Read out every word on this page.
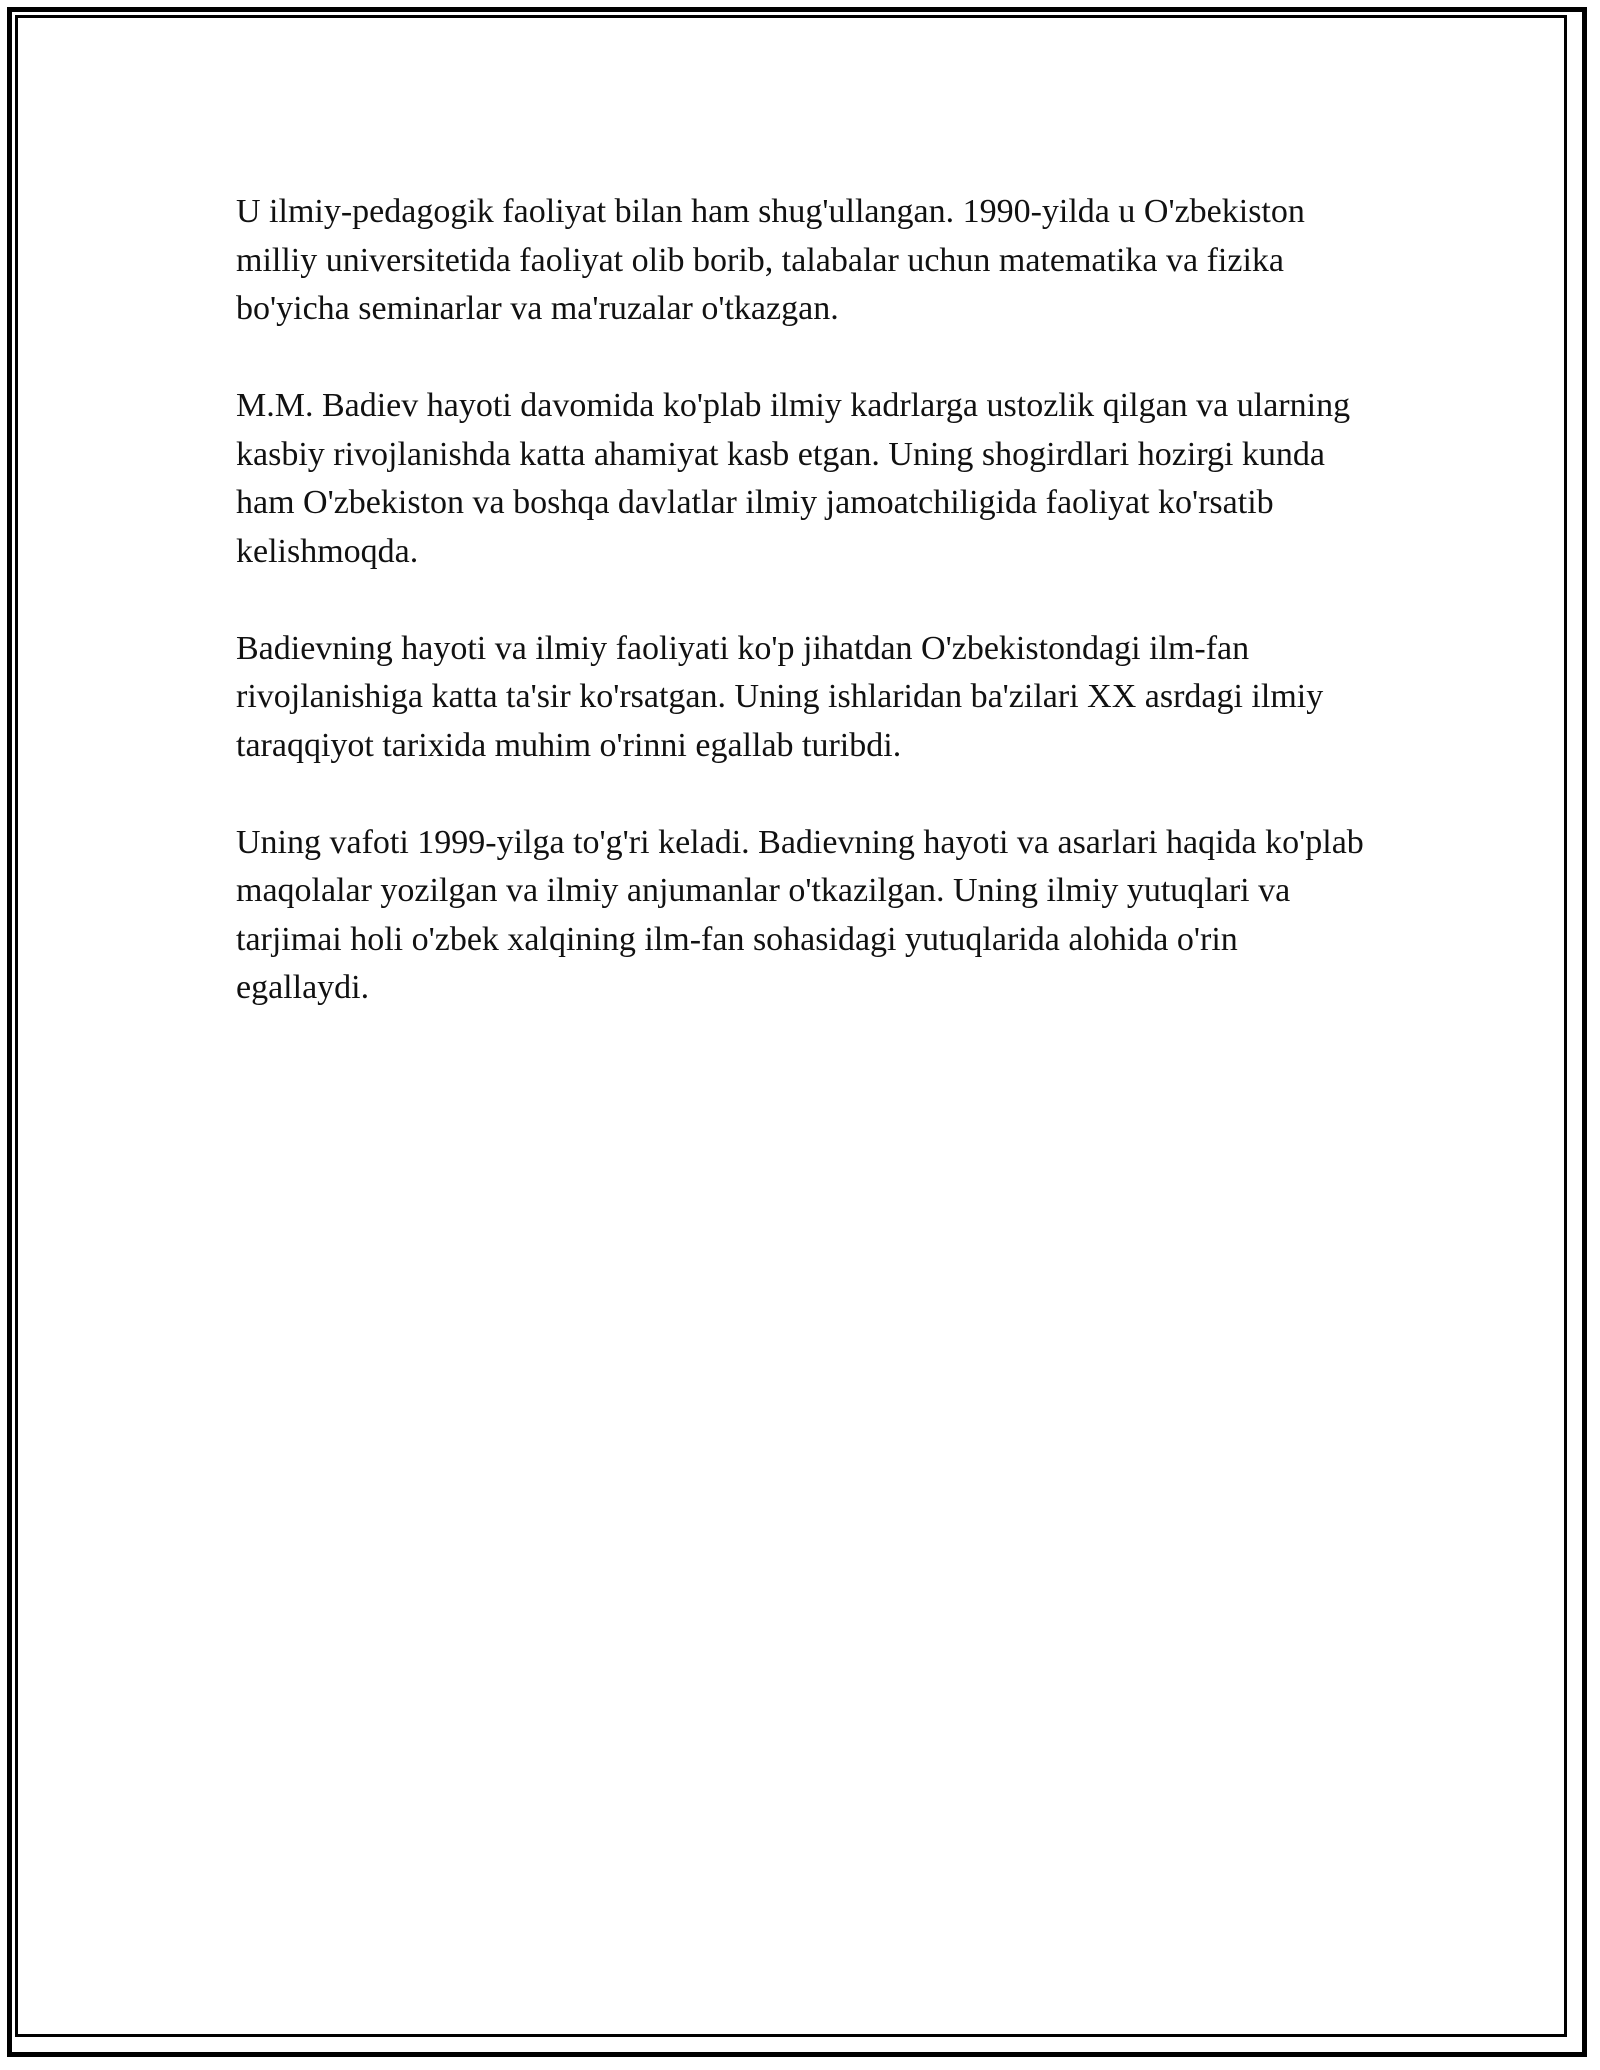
U ilmiy-pedagogik faoliyat bilan ham shug'ullangan. 1990-yilda u O'zbekiston milliy universitetida faoliyat olib borib, talabalar uchun matematika va fizika bo'yicha seminarlar va ma'ruzalar o'tkazgan.

M.M. Badiev hayoti davomida ko'plab ilmiy kadrlarga ustozlik qilgan va ularning kasbiy rivojlanishda katta ahamiyat kasb etgan. Uning shogirdlari hozirgi kunda ham O'zbekiston va boshqa davlatlar ilmiy jamoatchiligida faoliyat ko'rsatib kelishmoqda.

Badievning hayoti va ilmiy faoliyati ko'p jihatdan O'zbekistondagi ilm-fan rivojlanishiga katta ta'sir ko'rsatgan. Uning ishlaridan ba'zilari XX asrdagi ilmiy taraqqiyot tarixida muhim o'rinni egallab turibdi.

Uning vafoti 1999-yilga to'g'ri keladi. Badievning hayoti va asarlari haqida ko'plab maqolalar yozilgan va ilmiy anjumanlar o'tkazilgan. Uning ilmiy yutuqlari va tarjimai holi o'zbek xalqining ilm-fan sohasidagi yutuqlarida alohida o'rin egallaydi.
